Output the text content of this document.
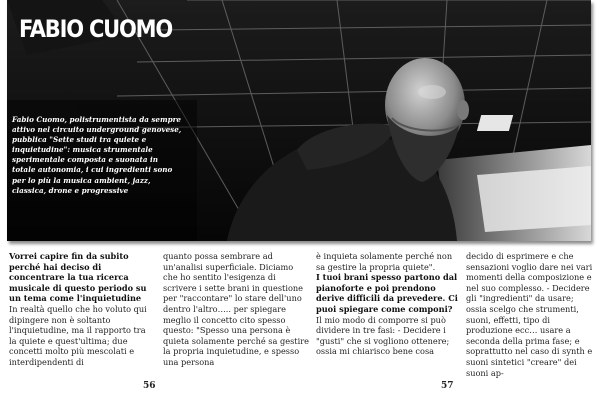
FABIO CUOMO

Fabio Cuomo, polistrumentista da sempre attivo nel circuito underground genovese, pubblica "Sette studi tra quiete e inquietudine": musica strumentale sperimentale composta e suonata in totale autonomia, i cui ingredienti sono per lo più la musica ambient, jazz, classica, drone e progressive

Vorrei capire fin da subito perché hai deciso di concentrare la tua ricerca musicale di questo periodo su un tema come l'inquietudine
In realtà quello che ho voluto qui dipingere non è soltanto l'inquietudine, ma il rapporto tra la quiete e quest'ultima; due concetti molto più mescolati e interdipendenti di
quanto possa sembrare ad un'analisi superficiale. Diciamo che ho sentito l'esigenza di scrivere i sette brani in questione per "raccontare" lo stare dell'uno dentro l'altro….. per spiegare meglio il concetto cito spesso questo: "Spesso una persona è quieta solamente perché sa gestire la propria inquietudine, e spesso una persona
è inquieta solamente perché non sa gestire la propria quiete".
I tuoi brani spesso partono dal pianoforte e poi prendono derive difficili da prevedere. Ci puoi spiegare come componi?
Il mio modo di comporre si può dividere in tre fasi: - Decidere i "gusti" che si vogliono ottenere; ossia mi chiarisco bene cosa
decido di esprimere e che sensazioni voglio dare nei vari momenti della composizione e nel suo complesso. - Decidere gli "ingredienti" da usare; ossia scelgo che strumenti, suoni, effetti, tipo di produzione ecc… usare a seconda della prima fase; e soprattutto nel caso di synth e suoni sintetici "creare" dei suoni ap-
56	57
